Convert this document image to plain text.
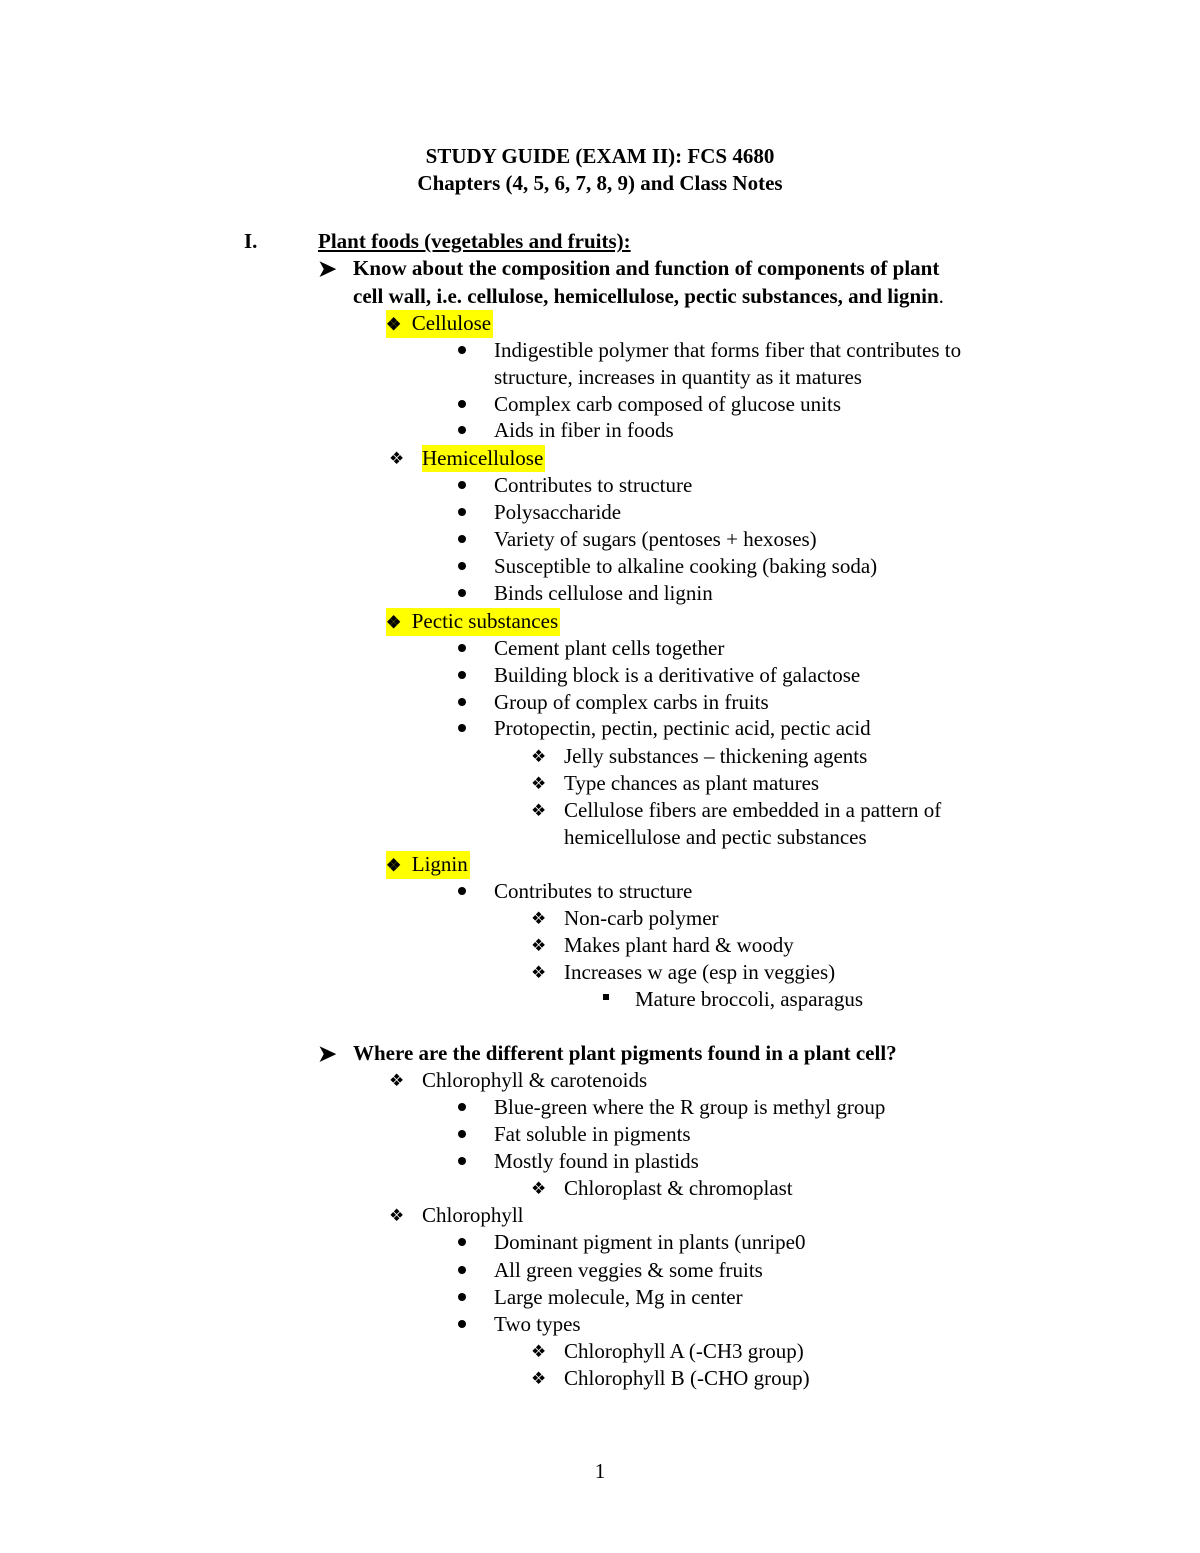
STUDY GUIDE (EXAM II): FCS 4680
Chapters (4, 5, 6, 7, 8, 9) and Class Notes
I.	Plant foods (vegetables and fruits):
➤ Know about the composition and function of components of plant
cell wall, i.e. cellulose, hemicellulose, pectic substances, and lignin.
❖ Cellulose
Indigestible polymer that forms fiber that contributes to
structure, increases in quantity as it matures
Complex carb composed of glucose units
Aids in fiber in foods
❖ Hemicellulose
Contributes to structure
Polysaccharide
Variety of sugars (pentoses + hexoses)
Susceptible to alkaline cooking (baking soda)
Binds cellulose and lignin
❖ Pectic substances
Cement plant cells together
Building block is a deritivative of galactose
Group of complex carbs in fruits
Protopectin, pectin, pectinic acid, pectic acid
❖ Jelly substances – thickening agents
❖ Type chances as plant matures
❖ Cellulose fibers are embedded in a pattern of
hemicellulose and pectic substances
❖ Lignin
Contributes to structure
❖ Non-carb polymer
❖ Makes plant hard & woody
❖ Increases w age (esp in veggies)
Mature broccoli, asparagus
➤ Where are the different plant pigments found in a plant cell?
❖ Chlorophyll & carotenoids
Blue-green where the R group is methyl group
Fat soluble in pigments
Mostly found in plastids
❖ Chloroplast & chromoplast
❖ Chlorophyll
Dominant pigment in plants (unripe0
All green veggies & some fruits
Large molecule, Mg in center
Two types
❖ Chlorophyll A (-CH3 group)
❖ Chlorophyll B (-CHO group)
1
